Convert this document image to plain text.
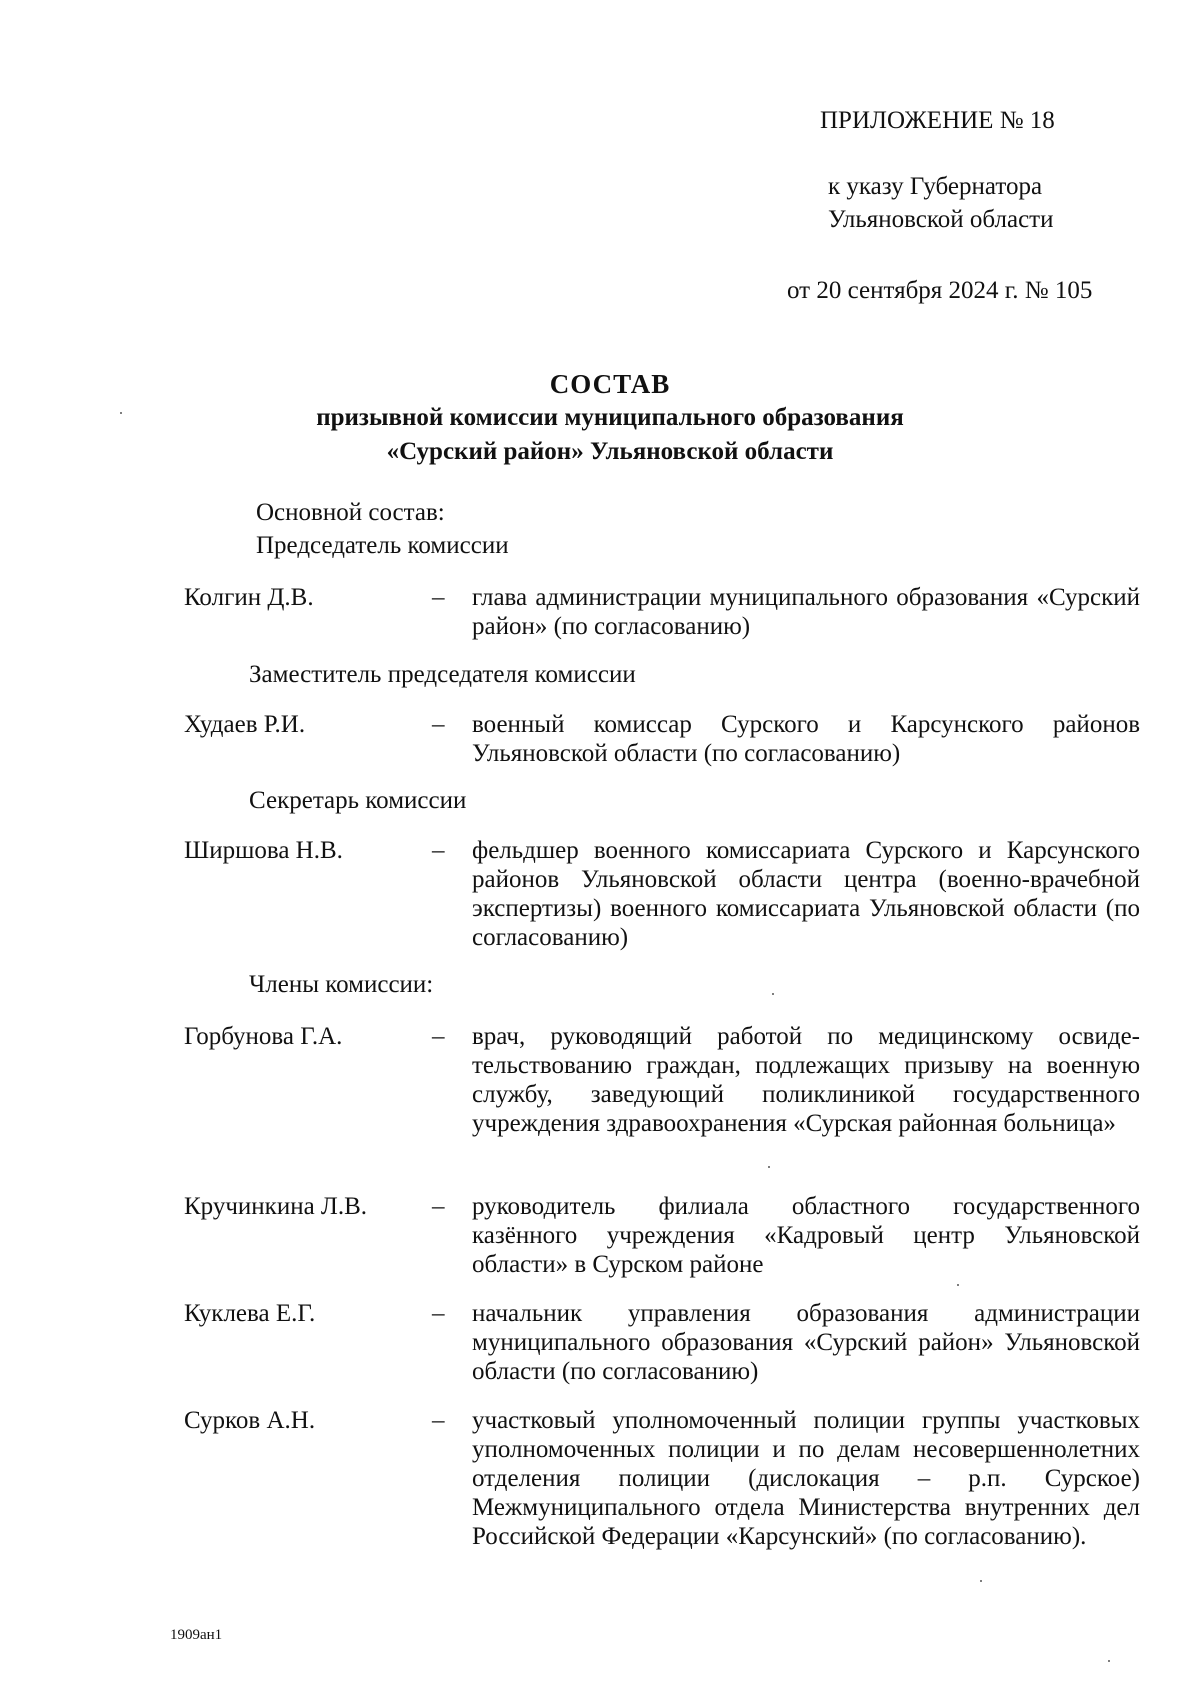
ПРИЛОЖЕНИЕ № 18
к указу Губернатора
Ульяновской области
от 20 сентября 2024 г. № 105
СОСТАВ
призывной комиссии муниципального образования
«Сурский район» Ульяновской области
Основной состав:
Председатель комиссии
Колгин Д.В.	– глава администрации муниципального образования «Сурский район» (по согласованию)
Заместитель председателя комиссии
Худаев Р.И.	– военный комиссар Сурского и Карсунского районов Ульяновской области (по согласованию)
Секретарь комиссии
Ширшова Н.В.	– фельдшер военного комиссариата Сурского и Карсунского районов Ульяновской области центра (военно-врачебной экспертизы) военного комиссариата Ульяновской области (по согласованию)
Члены комиссии:
Горбунова Г.А.	– врач, руководящий работой по медицинскому освидетельствованию граждан, подлежащих призыву на военную службу, заведующий поликлиникой государственного учреждения здравоохранения «Сурская районная больница»
Кручинкина Л.В.	– руководитель филиала областного государственного казённого учреждения «Кадровый центр Ульяновской области» в Сурском районе
Куклева Е.Г.	– начальник управления образования администрации муниципального образования «Сурский район» Ульяновской области (по согласованию)
Сурков А.Н.	– участковый уполномоченный полиции группы участковых уполномоченных полиции и по делам несовершеннолетних отделения полиции (дислокация – р.п. Сурское) Межмуниципального отдела Министерства внутренних дел Российской Федерации «Карсунский» (по согласованию).
1909ан1
